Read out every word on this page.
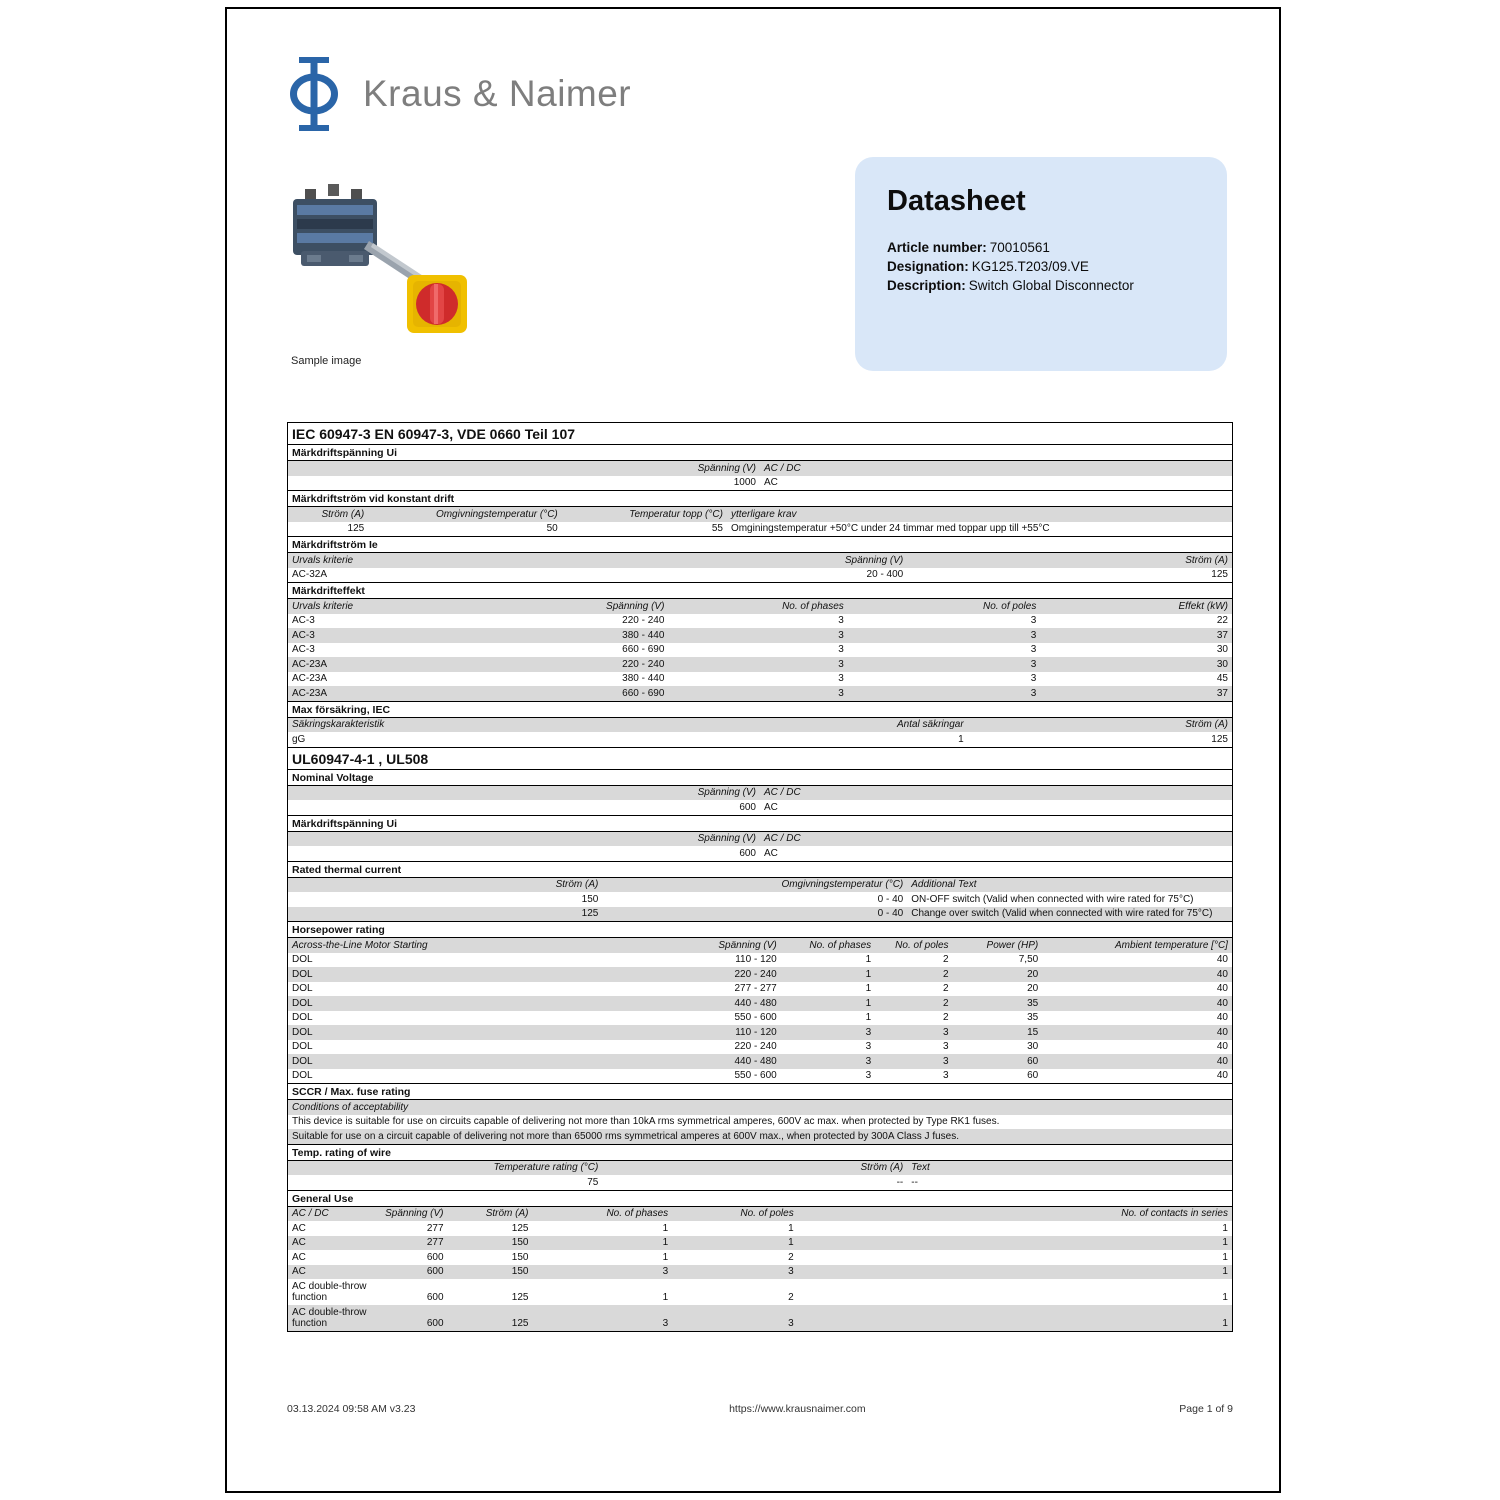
Kraus & Naimer
Sample image
Datasheet
Article number: 70010561
Designation: KG125.T203/09.VE
Description: Switch Global Disconnector
IEC 60947-3 EN 60947-3, VDE 0660 Teil 107
Märkdriftspänning Ui
Spänning (V) AC / DC
1000 AC
Märkdriftström vid konstant drift
Ström (A)	Omgivningstemperatur (°C)	Temperatur topp (°C) ytterligare krav
125	50	55 Omginingstemperatur +50°C under 24 timmar med toppar upp till +55°C
Märkdriftström Ie
Urvals kriterie	Spänning (V)	Ström (A)
AC-32A	20 - 400	125
Märkdrifteffekt
Urvals kriterie	Spänning (V)	No. of phases	No. of poles	Effekt (kW)
AC-3	220 - 240	3	3	22
AC-3	380 - 440	3	3	37
AC-3	660 - 690	3	3	30
AC-23A	220 - 240	3	3	30
AC-23A	380 - 440	3	3	45
AC-23A	660 - 690	3	3	37
Max försäkring, IEC
Säkringskarakteristik	Antal säkringar	Ström (A)
gG	1	125
UL60947-4-1 , UL508
Nominal Voltage
Spänning (V) AC / DC
600 AC
Märkdriftspänning Ui
Spänning (V) AC / DC
600 AC
Rated thermal current
Ström (A)	Omgivningstemperatur (°C) Additional Text
150	0 - 40 ON-OFF switch (Valid when connected with wire rated for 75°C)
125	0 - 40 Change over switch (Valid when connected with wire rated for 75°C)
Horsepower rating
Across-the-Line Motor Starting	Spänning (V)	No. of phases	No. of poles	Power (HP)	Ambient temperature [°C]
DOL	110 - 120	1	2	7,50	40
DOL	220 - 240	1	2	20	40
DOL	277 - 277	1	2	20	40
DOL	440 - 480	1	2	35	40
DOL	550 - 600	1	2	35	40
DOL	110 - 120	3	3	15	40
DOL	220 - 240	3	3	30	40
DOL	440 - 480	3	3	60	40
DOL	550 - 600	3	3	60	40
SCCR / Max. fuse rating
Conditions of acceptability
This device is suitable for use on circuits capable of delivering not more than 10kA rms symmetrical amperes, 600V ac max. when protected by Type RK1 fuses.
Suitable for use on a circuit capable of delivering not more than 65000 rms symmetrical amperes at 600V max., when protected by 300A Class J fuses.
Temp. rating of wire
Temperature rating (°C)	Ström (A) Text
75	-- --
General Use
AC / DC	Spänning (V)	Ström (A)	No. of phases	No. of poles	No. of contacts in series
AC	277	125	1	1	1
AC	277	150	1	1	1
AC	600	150	1	2	1
AC	600	150	3	3	1
AC double-throw function	600	125	1	2	1
AC double-throw function	600	125	3	3	1
03.13.2024 09:58 AM v3.23	https://www.krausnaimer.com	Page 1 of 9
